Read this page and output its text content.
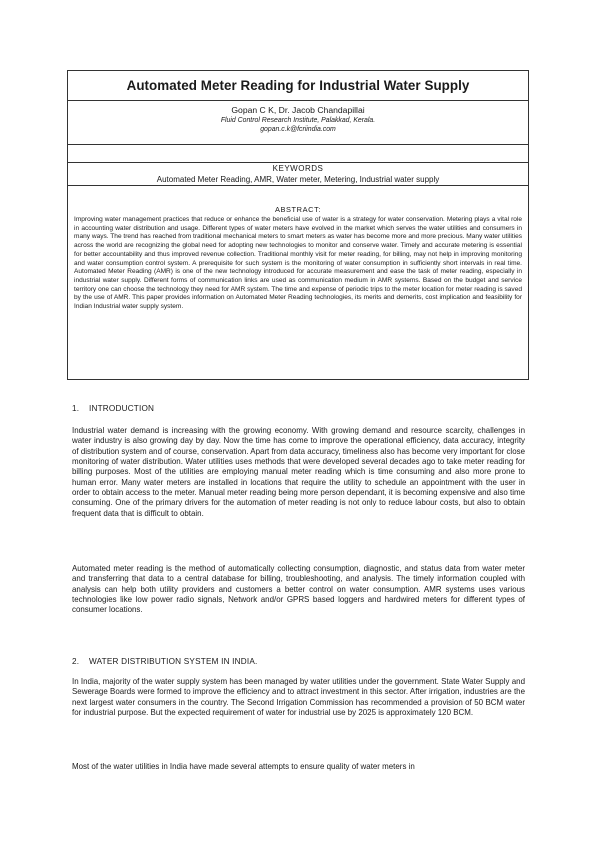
Automated Meter Reading for Industrial Water Supply

Gopan C K, Dr. Jacob Chandapillai

Fluid Control Research Institute, Palakkad, Kerala.

gopan.c.k@fcriindia.com

KEYWORDS

Automated Meter Reading, AMR, Water meter, Metering, Industrial water supply

ABSTRACT:

Improving water management practices that reduce or enhance the beneficial use of water is a strategy for water conservation. Metering plays a vital role in accounting water distribution and usage. Different types of water meters have evolved in the market which serves the water utilities and consumers in many ways. The trend has reached from traditional mechanical meters to smart meters as water has become more and more precious. Many water utilities across the world are recognizing the global need for adopting new technologies to monitor and conserve water. Timely and accurate metering is essential for better accountability and thus improved revenue collection. Traditional monthly visit for meter reading, for billing, may not help in improving monitoring and water consumption control system. A prerequisite for such system is the monitoring of water consumption in sufficiently short intervals in real time. Automated Meter Reading (AMR) is one of the new technology introduced for accurate measurement and ease the task of meter reading, especially in industrial water supply. Different forms of communication links are used as communication medium in AMR systems. Based on the budget and service territory one can choose the technology they need for AMR system. The time and expense of periodic trips to the meter location for meter reading is saved by the use of AMR. This paper provides information on Automated Meter Reading technologies, its merits and demerits, cost implication and feasibility for Indian Industrial water supply system.

1. INTRODUCTION

Industrial water demand is increasing with the growing economy. With growing demand and resource scarcity, challenges in water industry is also growing day by day. Now the time has come to improve the operational efficiency, data accuracy, integrity of distribution system and of course, conservation. Apart from data accuracy, timeliness also has become very important for close monitoring of water distribution. Water utilities uses methods that were developed several decades ago to take meter reading for billing purposes. Most of the utilities are employing manual meter reading which is time consuming and also more prone to human error. Many water meters are installed in locations that require the utility to schedule an appointment with the user in order to obtain access to the meter. Manual meter reading being more person dependant, it is becoming expensive and also time consuming. One of the primary drivers for the automation of meter reading is not only to reduce labour costs, but also to obtain frequent data that is difficult to obtain.

Automated meter reading is the method of automatically collecting consumption, diagnostic, and status data from water meter and transferring that data to a central database for billing, troubleshooting, and analysis. The timely information coupled with analysis can help both utility providers and customers a better control on water consumption. AMR systems uses various technologies like low power radio signals, Network and/or GPRS based loggers and hardwired meters for different types of consumer locations.

2. WATER DISTRIBUTION SYSTEM IN INDIA.

In India, majority of the water supply system has been managed by water utilities under the government. State Water Supply and Sewerage Boards were formed to improve the efficiency and to attract investment in this sector. After irrigation, industries are the next largest water consumers in the country. The Second Irrigation Commission has recommended a provision of 50 BCM water for industrial purpose. But the expected requirement of water for industrial use by 2025 is approximately 120 BCM.

Most of the water utilities in India have made several attempts to ensure quality of water meters in
